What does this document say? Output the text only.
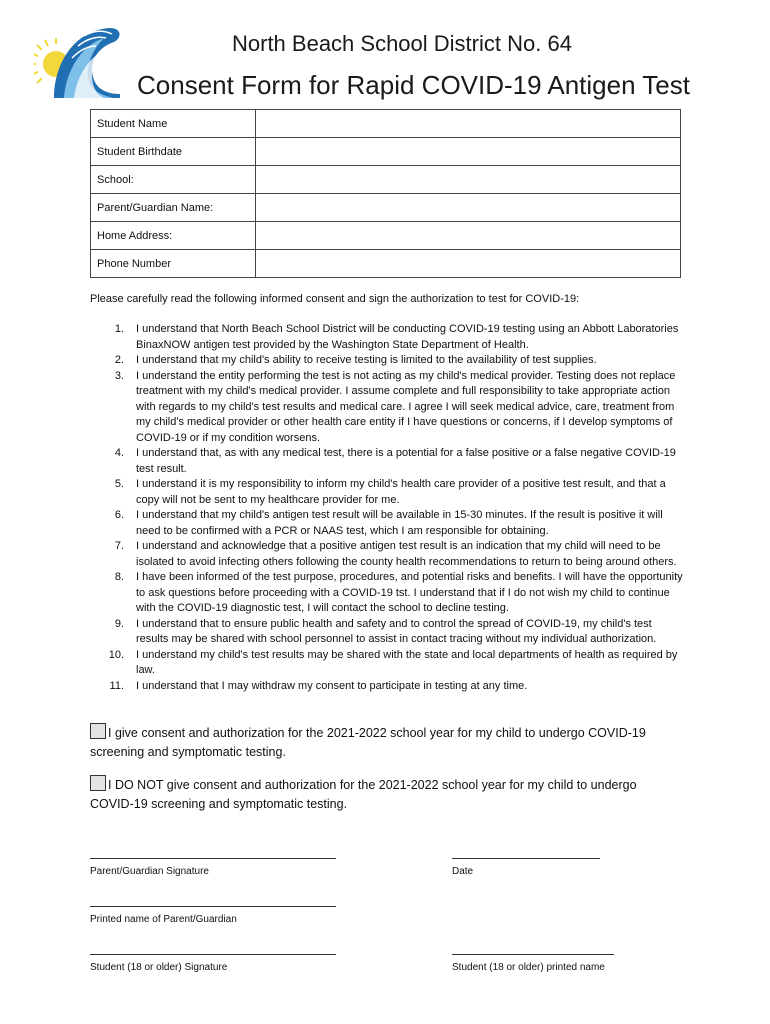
North Beach School District No. 64
Consent Form for Rapid COVID-19 Antigen Test
Student Name	
Student Birthdate	
School:	
Parent/Guardian Name:	
Home Address:	
Phone Number	
Please carefully read the following informed consent and sign the authorization to test for COVID-19:
1. I understand that North Beach School District will be conducting COVID-19 testing using an Abbott Laboratories BinaxNOW antigen test provided by the Washington State Department of Health.
2. I understand that my child's ability to receive testing is limited to the availability of test supplies.
3. I understand the entity performing the test is not acting as my child's medical provider. Testing does not replace treatment with my child's medical provider. I assume complete and full responsibility to take appropriate action with regards to my child's test results and medical care. I agree I will seek medical advice, care, treatment from my child's medical provider or other health care entity if I have questions or concerns, if I develop symptoms of COVID-19 or if my condition worsens.
4. I understand that, as with any medical test, there is a potential for a false positive or a false negative COVID-19 test result.
5. I understand it is my responsibility to inform my child's health care provider of a positive test result, and that a copy will not be sent to my healthcare provider for me.
6. I understand that my child's antigen test result will be available in 15-30 minutes. If the result is positive it will need to be confirmed with a PCR or NAAS test, which I am responsible for obtaining.
7. I understand and acknowledge that a positive antigen test result is an indication that my child will need to be isolated to avoid infecting others following the county health recommendations to return to being around others.
8. I have been informed of the test purpose, procedures, and potential risks and benefits. I will have the opportunity to ask questions before proceeding with a COVID-19 tst. I understand that if I do not wish my child to continue with the COVID-19 diagnostic test, I will contact the school to decline testing.
9. I understand that to ensure public health and safety and to control the spread of COVID-19, my child's test results may be shared with school personnel to assist in contact tracing without my individual authorization.
10. I understand my child's test results may be shared with the state and local departments of health as required by law.
11. I understand that I may withdraw my consent to participate in testing at any time.
I give consent and authorization for the 2021-2022 school year for my child to undergo COVID-19 screening and symptomatic testing.
I DO NOT give consent and authorization for the 2021-2022 school year for my child to undergo COVID-19 screening and symptomatic testing.
Parent/Guardian Signature	Date
Printed name of Parent/Guardian
Student (18 or older) Signature	Student (18 or older) printed name
